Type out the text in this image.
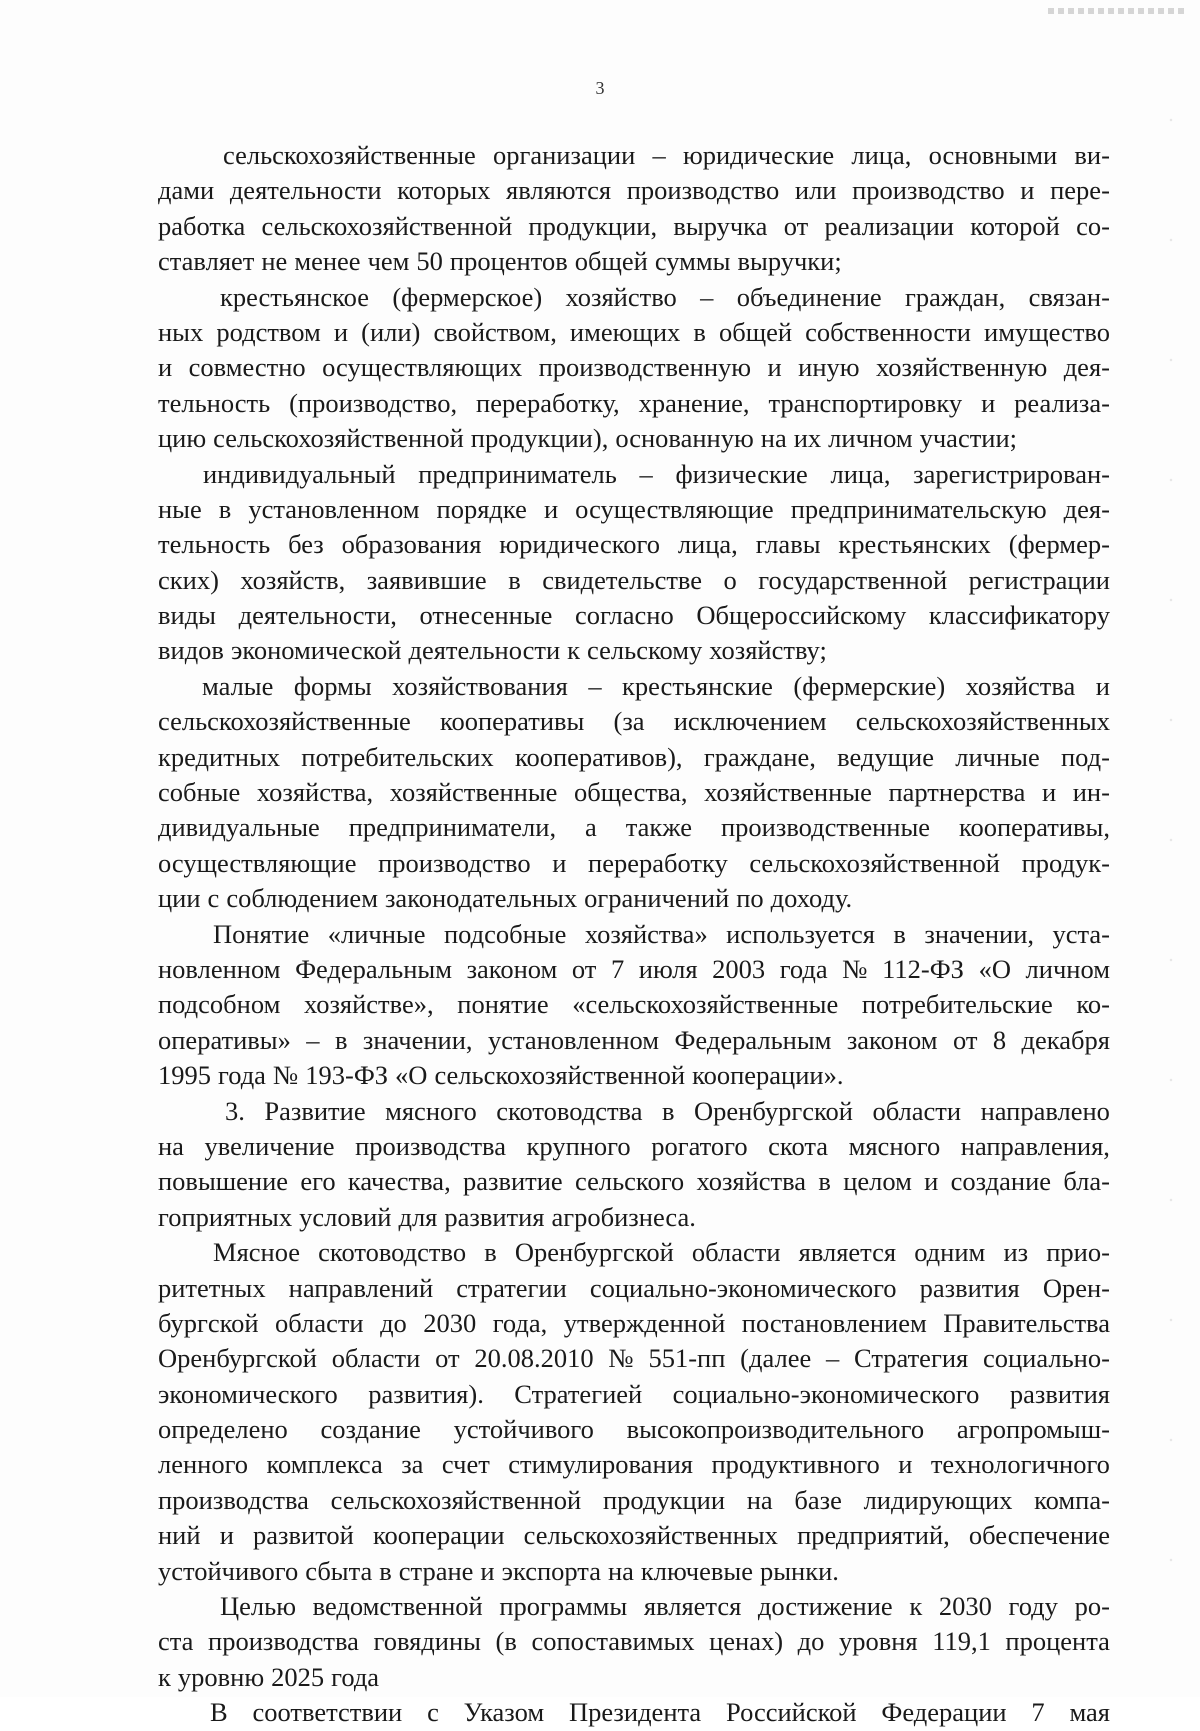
3
сельскохозяйственные организации – юридические лица, основными ви-
дами деятельности которых являются производство или производство и пере-
работка сельскохозяйственной продукции, выручка от реализации которой со-
ставляет не менее чем 50 процентов общей суммы выручки;
крестьянское (фермерское) хозяйство – объединение граждан, связан-
ных родством и (или) свойством, имеющих в общей собственности имущество
и совместно осуществляющих производственную и иную хозяйственную дея-
тельность (производство, переработку, хранение, транспортировку и реализа-
цию сельскохозяйственной продукции), основанную на их личном участии;
индивидуальный предприниматель – физические лица, зарегистрирован-
ные в установленном порядке и осуществляющие предпринимательскую дея-
тельность без образования юридического лица, главы крестьянских (фермер-
ских) хозяйств, заявившие в свидетельстве о государственной регистрации
виды деятельности, отнесенные согласно Общероссийскому классификатору
видов экономической деятельности к сельскому хозяйству;
малые формы хозяйствования – крестьянские (фермерские) хозяйства и
сельскохозяйственные кооперативы (за исключением сельскохозяйственных
кредитных потребительских кооперативов), граждане, ведущие личные под-
собные хозяйства, хозяйственные общества, хозяйственные партнерства и ин-
дивидуальные предприниматели, а также производственные кооперативы,
осуществляющие производство и переработку сельскохозяйственной продук-
ции с соблюдением законодательных ограничений по доходу.
Понятие «личные подсобные хозяйства» используется в значении, уста-
новленном Федеральным законом от 7 июля 2003 года № 112-ФЗ «О личном
подсобном хозяйстве», понятие «сельскохозяйственные потребительские ко-
оперативы» – в значении, установленном Федеральным законом от 8 декабря
1995 года № 193-ФЗ «О сельскохозяйственной кооперации».
3. Развитие мясного скотоводства в Оренбургской области направлено
на увеличение производства крупного рогатого скота мясного направления,
повышение его качества, развитие сельского хозяйства в целом и создание бла-
гоприятных условий для развития агробизнеса.
Мясное скотоводство в Оренбургской области является одним из прио-
ритетных направлений стратегии социально-экономического развития Орен-
бургской области до 2030 года, утвержденной постановлением Правительства
Оренбургской области от 20.08.2010 № 551-пп (далее – Стратегия социально-
экономического развития). Стратегией социально-экономического развития
определено создание устойчивого высокопроизводительного агропромыш-
ленного комплекса за счет стимулирования продуктивного и технологичного
производства сельскохозяйственной продукции на базе лидирующих компа-
ний и развитой кооперации сельскохозяйственных предприятий, обеспечение
устойчивого сбыта в стране и экспорта на ключевые рынки.
Целью ведомственной программы является достижение к 2030 году ро-
ста производства говядины (в сопоставимых ценах) до уровня 119,1 процента
к уровню 2025 года
В соответствии с Указом Президента Российской Федерации 7 мая
